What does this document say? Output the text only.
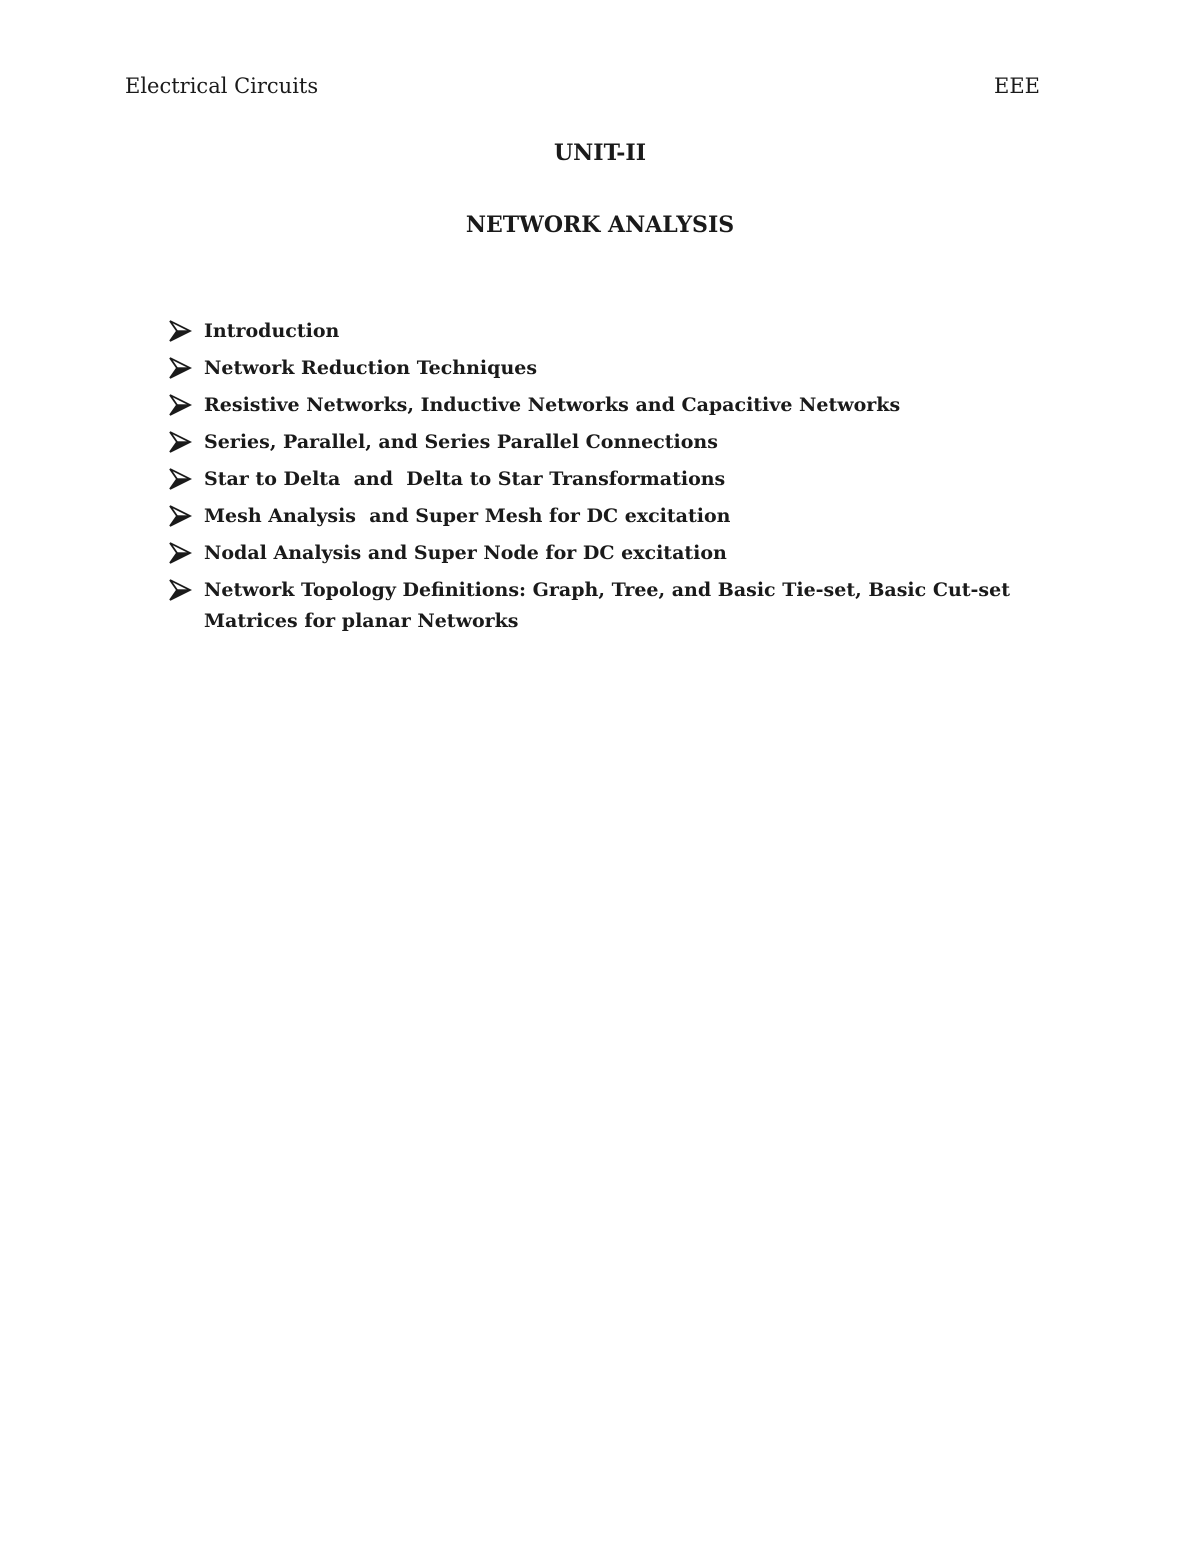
Electrical Circuits	EEE
UNIT-II
NETWORK ANALYSIS
Introduction
Network Reduction Techniques
Resistive Networks, Inductive Networks and Capacitive Networks
Series, Parallel, and Series Parallel Connections
Star to Delta  and  Delta to Star Transformations
Mesh Analysis  and Super Mesh for DC excitation
Nodal Analysis and Super Node for DC excitation
Network Topology Definitions: Graph, Tree, and Basic Tie-set, Basic Cut-set Matrices for planar Networks
